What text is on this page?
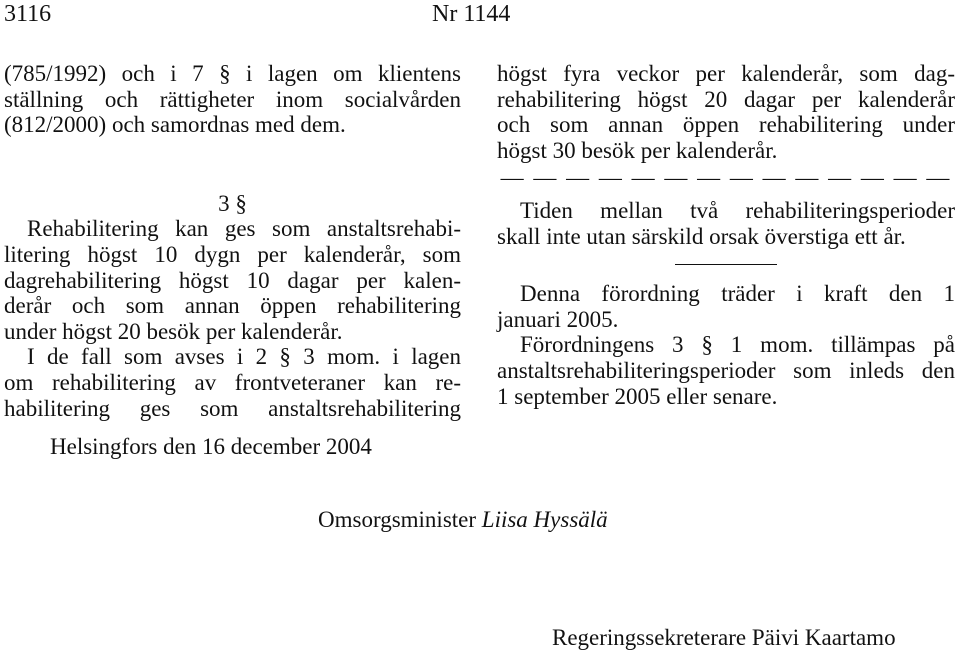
3116	Nr 1144

(785/1992) och i 7 § i lagen om klientens
ställning och rättigheter inom socialvården
(812/2000) och samordnas med dem.

3 §

Rehabilitering kan ges som anstaltsrehabi-
litering högst 10 dygn per kalenderår, som
dagrehabilitering högst 10 dagar per kalen-
derår och som annan öppen rehabilitering
under högst 20 besök per kalenderår.

I de fall som avses i 2 § 3 mom. i lagen
om rehabilitering av frontveteraner kan re-
habilitering ges som anstaltsrehabilitering

högst fyra veckor per kalenderår, som dag-
rehabilitering högst 20 dagar per kalenderår
och som annan öppen rehabilitering under
högst 30 besök per kalenderår.

— — — — — — — — — — — — — —

Tiden mellan två rehabiliteringsperioder
skall inte utan särskild orsak överstiga ett år.

Denna förordning träder i kraft den 1
januari 2005.

Förordningens 3 § 1 mom. tillämpas på
anstaltsrehabiliteringsperioder som inleds den
1 september 2005 eller senare.

Helsingfors den 16 december 2004
Omsorgsminister Liisa Hyssälä
Regeringssekreterare Päivi Kaartamo
